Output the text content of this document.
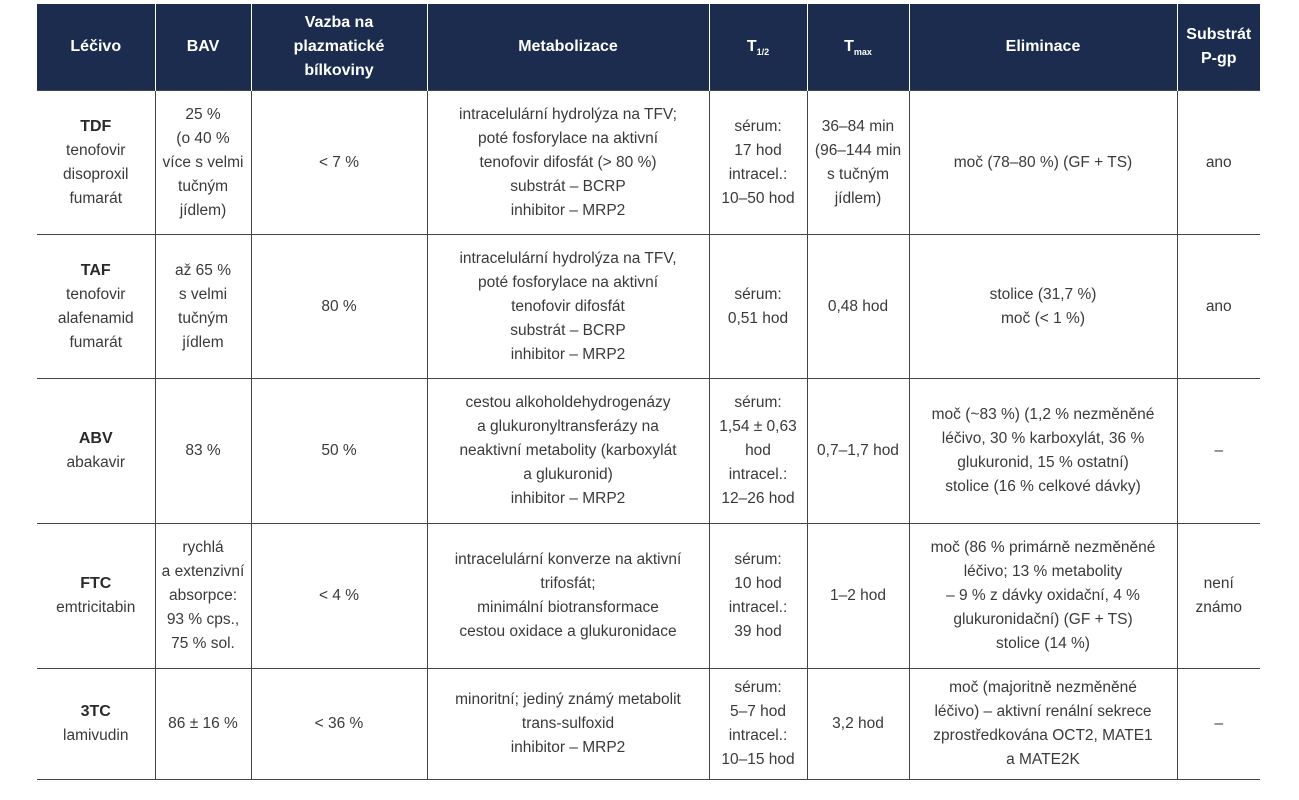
Léčivo	BAV	Vazba na
plazmatické
bílkoviny	Metabolizace	$T_{1/2}$	$T_{max}$	Eliminace	Substrát
P-gp

TDF
tenofovir
disoproxil
fumarát	25 %
(o 40 %
více s velmi
tučným
jídlem)	< 7 %	intracelulární hydrolýza na TFV;
poté fosforylace na aktivní
tenofovir difosfát (> 80 %)
substrát – BCRP
inhibitor – MRP2	sérum:
17 hod
intracel.:
10–50 hod	36–84 min
(96–144 min
s tučným
jídlem)	moč (78–80 %) (GF + TS)	ano

TAF
tenofovir
alafenamid
fumarát	až 65 %
s velmi
tučným
jídlem	80 %	intracelulární hydrolýza na TFV,
poté fosforylace na aktivní
tenofovir difosfát
substrát – BCRP
inhibitor – MRP2	sérum:
0,51 hod	0,48 hod	stolice (31,7 %)
moč (< 1 %)	ano

ABV
abakavir	83 %	50 %	cestou alkoholdehydrogenázy
a glukuronyltransferázy na
neaktivní metabolity (karboxylát
a glukuronid)
inhibitor – MRP2	sérum:
1,54 ± 0,63
hod
intracel.:
12–26 hod	0,7–1,7 hod	moč (~83 %) (1,2 % nezměněné
léčivo, 30 % karboxylát, 36 %
glukuronid, 15 % ostatní)
stolice (16 % celkové dávky)	–

FTC
emtricitabin	rychlá
a extenzivní
absorpce:
93 % cps.,
75 % sol.	< 4 %	intracelulární konverze na aktivní
trifosfát;
minimální biotransformace
cestou oxidace a glukuronidace	sérum:
10 hod
intracel.:
39 hod	1–2 hod	moč (86 % primárně nezměněné
léčivo; 13 % metabolity
– 9 % z dávky oxidační, 4 %
glukuronidační) (GF + TS)
stolice (14 %)	není
známo

3TC
lamivudin	86 ± 16 %	< 36 %	minoritní; jediný známý metabolit
trans-sulfoxid
inhibitor – MRP2	sérum:
5–7 hod
intracel.:
10–15 hod	3,2 hod	moč (majoritně nezměněné
léčivo) – aktivní renální sekrece
zprostředkována OCT2, MATE1
a MATE2K	–
